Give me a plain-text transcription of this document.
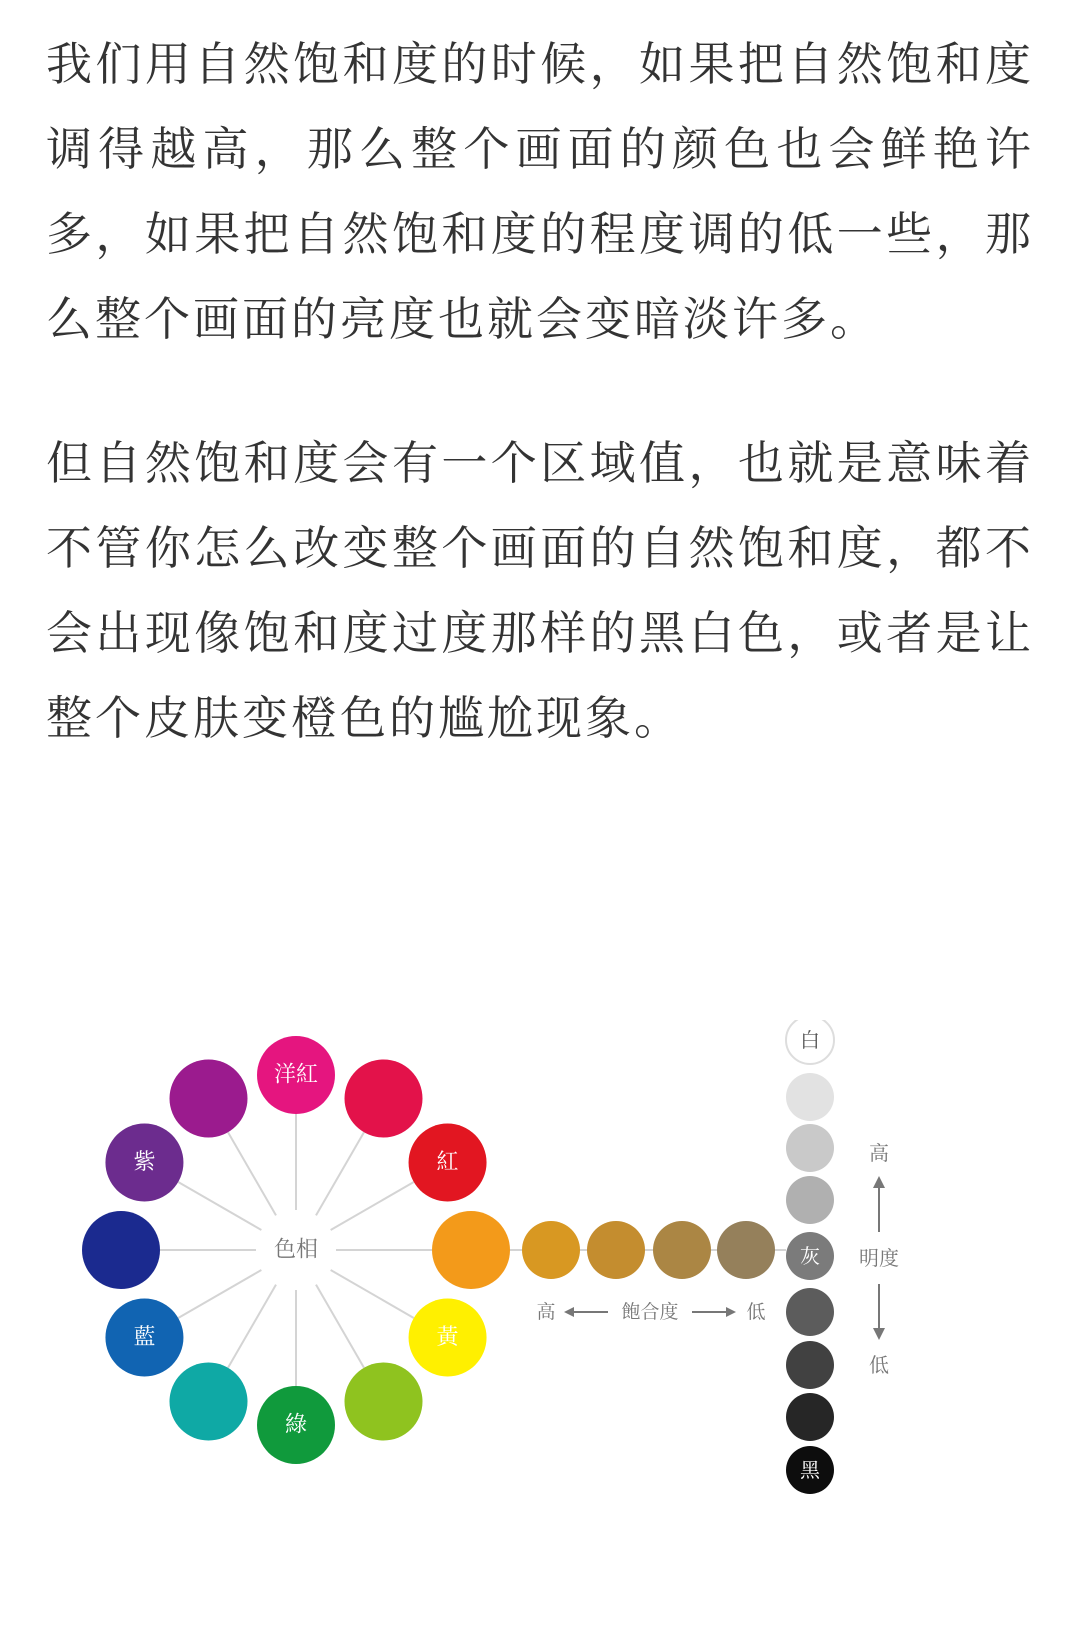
我们用自然饱和度的时候，如果把自然饱和度调得越高，那么整个画面的颜色也会鲜艳许多，如果把自然饱和度的程度调的低一些，那么整个画面的亮度也就会变暗淡许多。

但自然饱和度会有一个区域值，也就是意味着不管你怎么改变整个画面的自然饱和度，都不会出现像饱和度过度那样的黑白色，或者是让整个皮肤变橙色的尴尬现象。

洋紅
紅
黃
綠
藍
紫
色相
高	飽合度	低
白
灰
黑
高
明度
低
